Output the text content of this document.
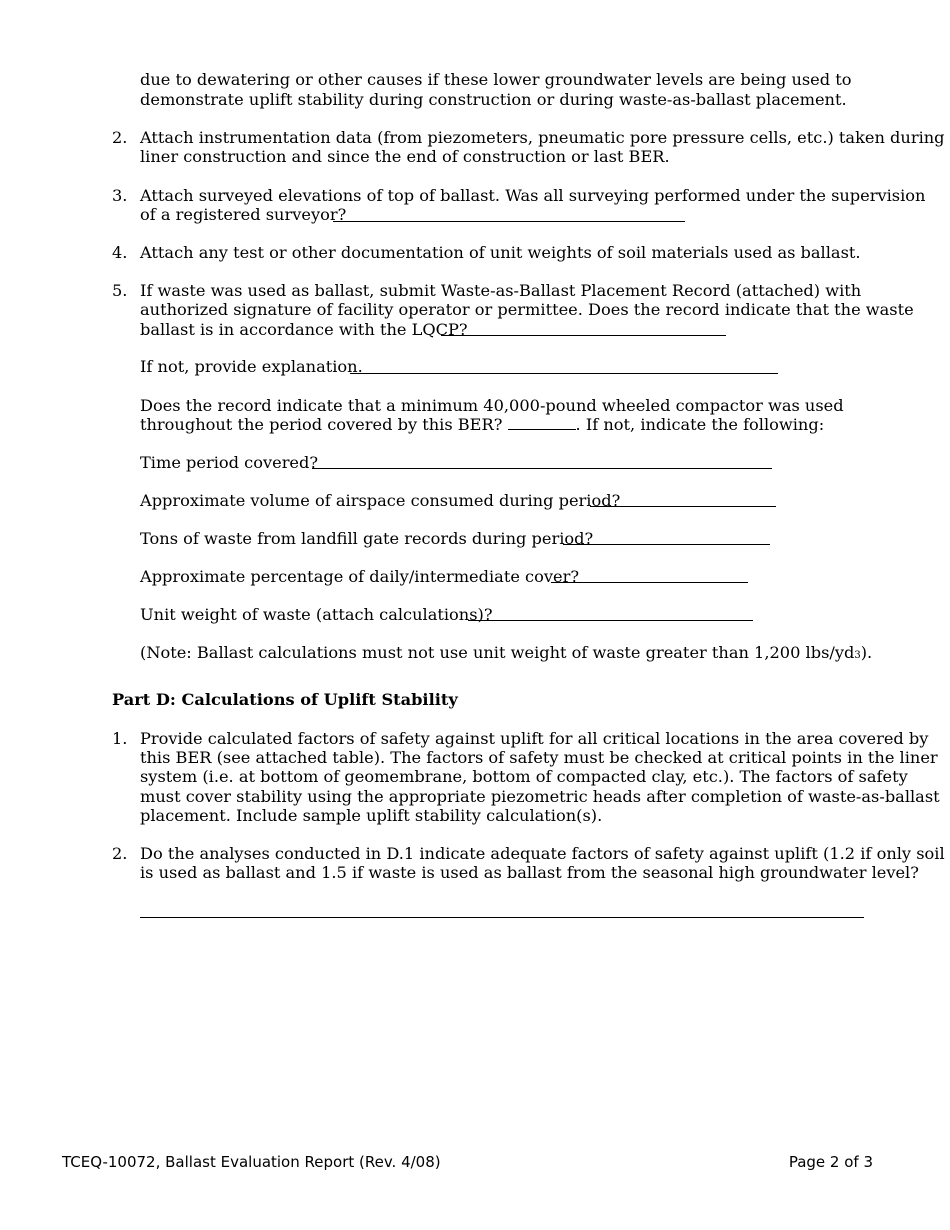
due to dewatering or other causes if these lower groundwater levels are being used to
demonstrate uplift stability during construction or during waste-as-ballast placement.
2. Attach instrumentation data (from piezometers, pneumatic pore pressure cells, etc.) taken during
liner construction and since the end of construction or last BER.
3. Attach surveyed elevations of top of ballast. Was all surveying performed under the supervision
of a registered surveyor?
4. Attach any test or other documentation of unit weights of soil materials used as ballast.
5. If waste was used as ballast, submit Waste-as-Ballast Placement Record (attached) with
authorized signature of facility operator or permittee. Does the record indicate that the waste
ballast is in accordance with the LQCP?
If not, provide explanation.
Does the record indicate that a minimum 40,000-pound wheeled compactor was used
throughout the period covered by this BER?	. If not, indicate the following:
Time period covered?
Approximate volume of airspace consumed during period?
Tons of waste from landfill gate records during period?
Approximate percentage of daily/intermediate cover?
Unit weight of waste (attach calculations)?
(Note: Ballast calculations must not use unit weight of waste greater than 1,200 lbs/yd3).
Part D: Calculations of Uplift Stability
1. Provide calculated factors of safety against uplift for all critical locations in the area covered by
this BER (see attached table). The factors of safety must be checked at critical points in the liner
system (i.e. at bottom of geomembrane, bottom of compacted clay, etc.). The factors of safety
must cover stability using the appropriate piezometric heads after completion of waste-as-ballast
placement. Include sample uplift stability calculation(s).
2. Do the analyses conducted in D.1 indicate adequate factors of safety against uplift (1.2 if only soil
is used as ballast and 1.5 if waste is used as ballast from the seasonal high groundwater level?
TCEQ-10072, Ballast Evaluation Report (Rev. 4/08)	Page 2 of 3
